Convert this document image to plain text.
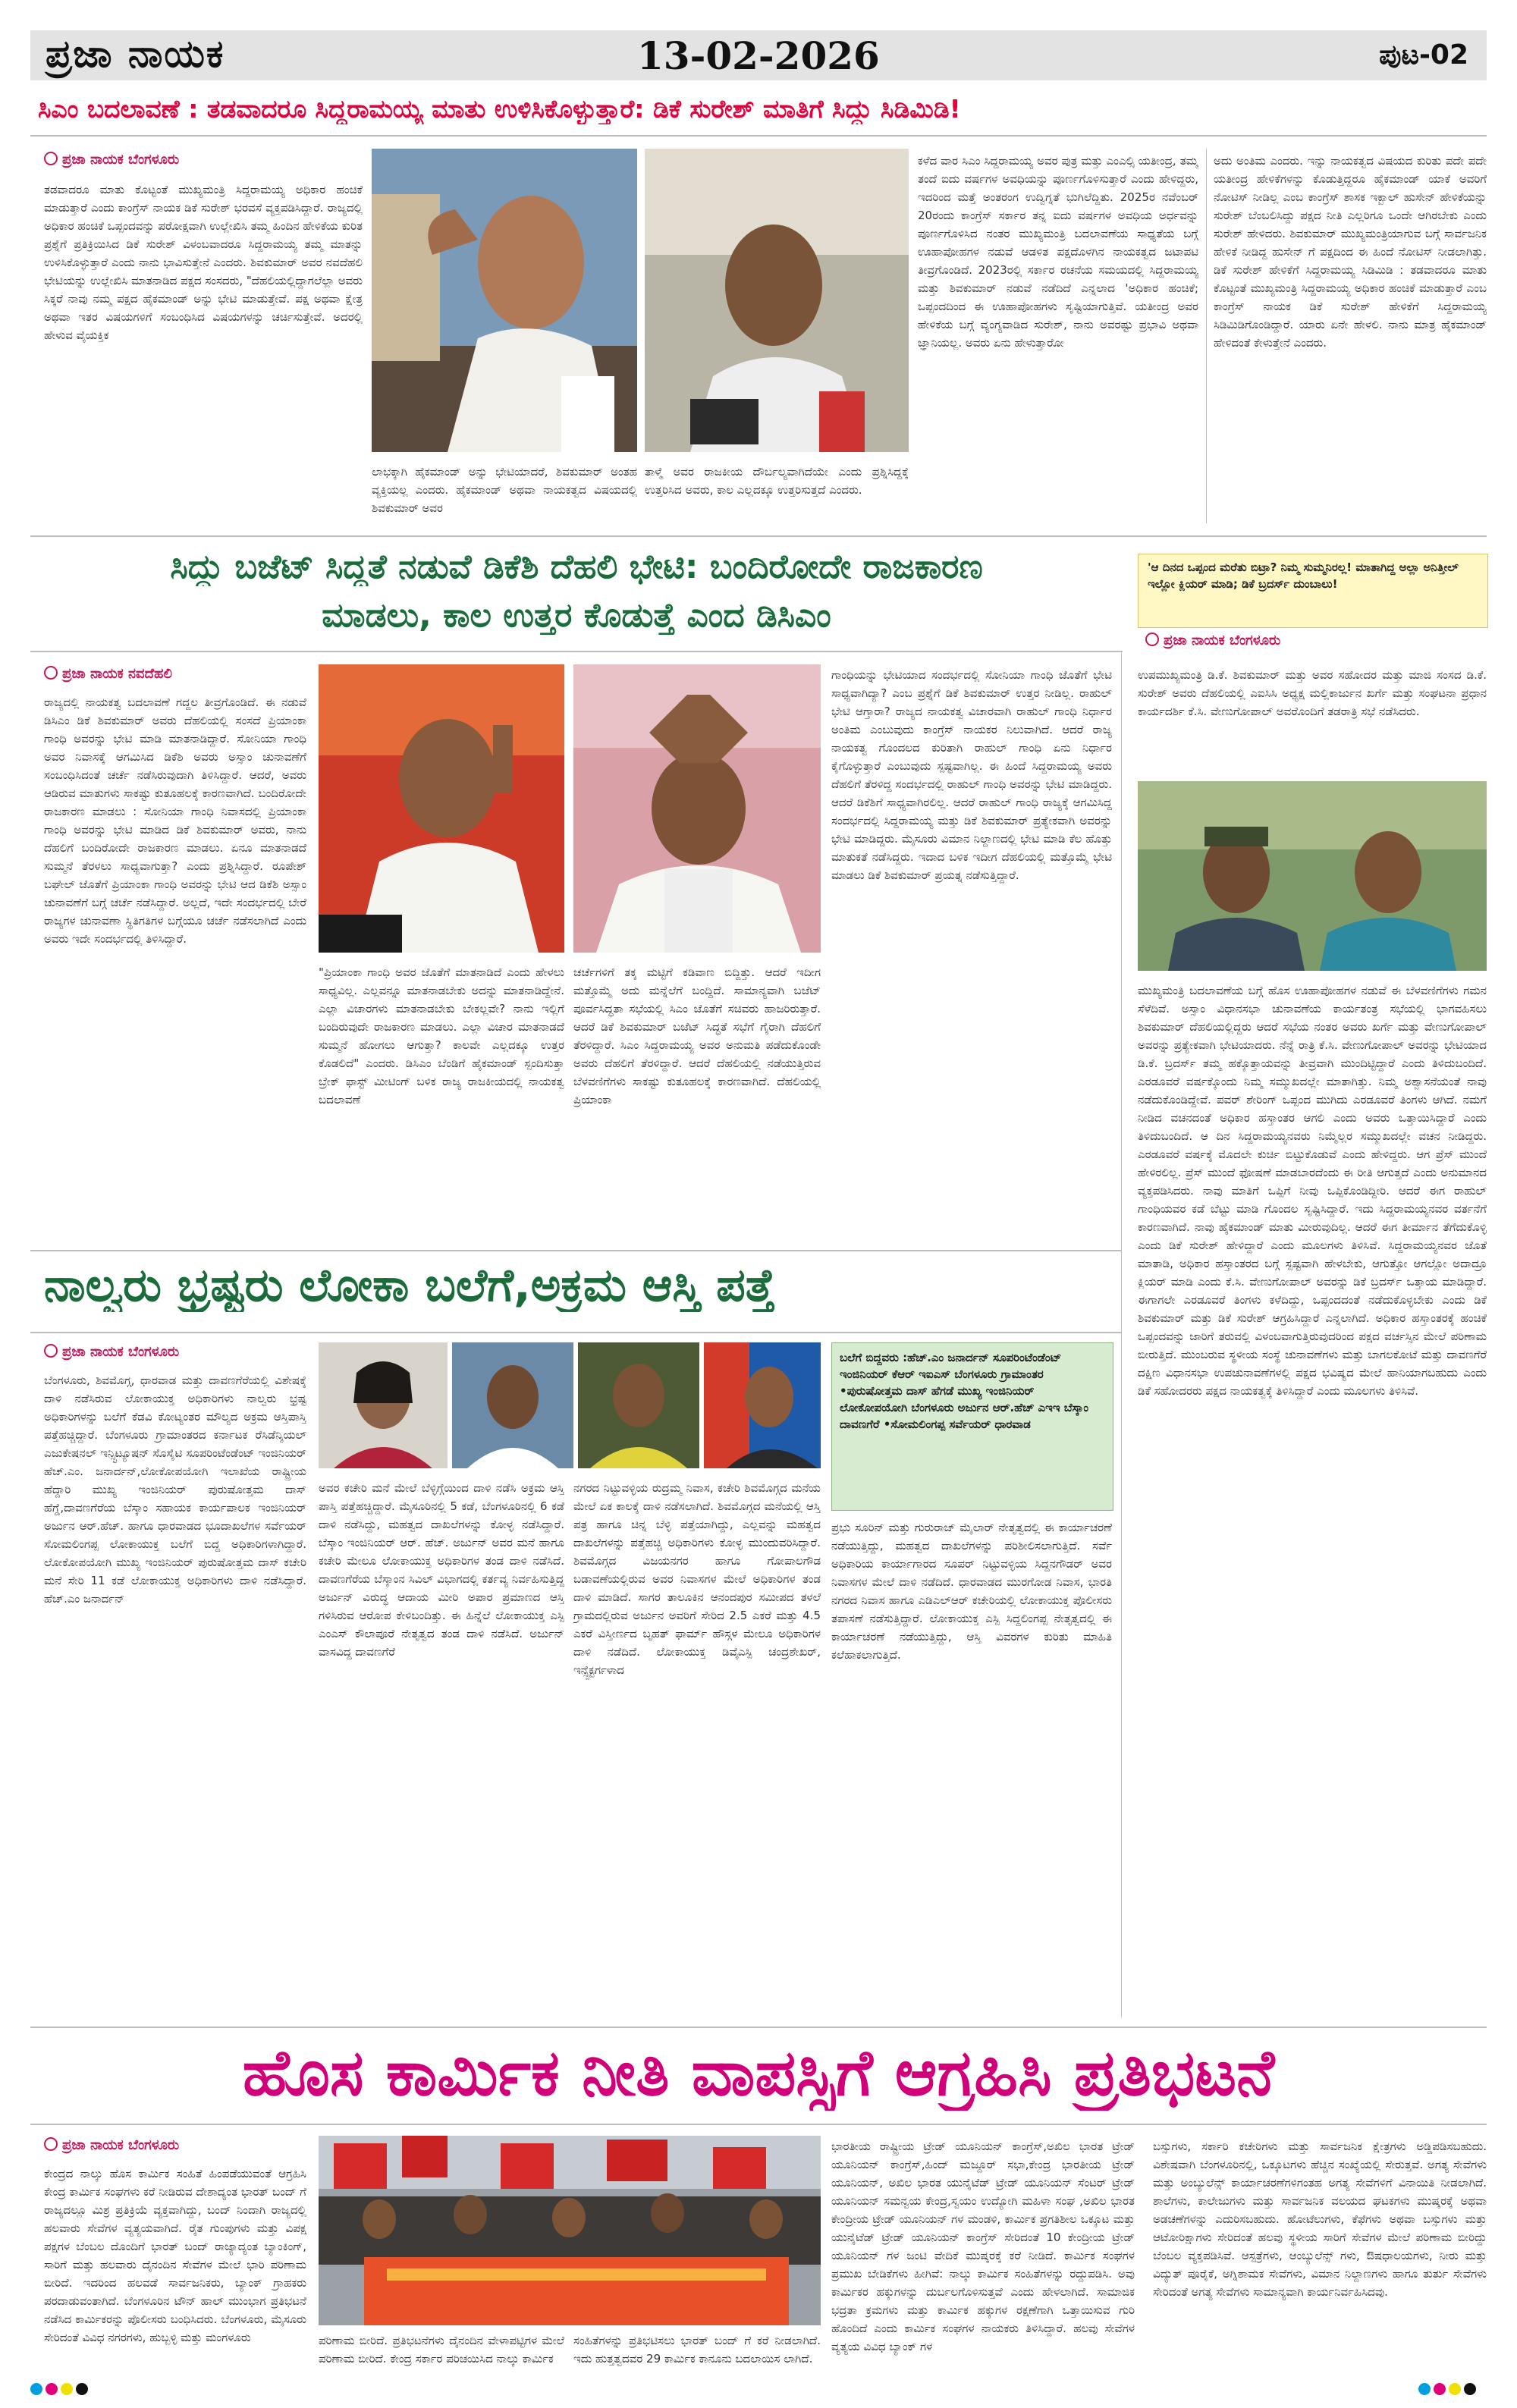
ಪ್ರಜಾ ನಾಯಕ	13-02-2026	ಪುಟ-02
ಸಿಎಂ ಬದಲಾವಣೆ : ತಡವಾದರೂ ಸಿದ್ದರಾಮಯ್ಯ ಮಾತು ಉಳಿಸಿಕೊಳ್ಳುತ್ತಾರೆ: ಡಿಕೆ ಸುರೇಶ್ ಮಾತಿಗೆ ಸಿದ್ದು ಸಿಡಿಮಿಡಿ!
ಪ್ರಜಾ ನಾಯಕ ಬೆಂಗಳೂರು
ತಡವಾದರೂ ಮಾತು ಕೊಟ್ಟಂತೆ ಮುಖ್ಯಮಂತ್ರಿ ಸಿದ್ದರಾಮಯ್ಯ ಅಧಿಕಾರ ಹಂಚಿಕೆ ಮಾಡುತ್ತಾರೆ ಎಂದು ಕಾಂಗ್ರೆಸ್ ನಾಯಕ ಡಿಕೆ ಸುರೇಶ್ ಭರವಸೆ ವ್ಯಕ್ತಪಡಿಸಿದ್ದಾರೆ. ರಾಜ್ಯದಲ್ಲಿ ಅಧಿಕಾರ ಹಂಚಿಕೆ ಒಪ್ಪಂದವನ್ನು ಪರೋಕ್ಷವಾಗಿ ಉಲ್ಲೇಖಿಸಿ ತಮ್ಮ ಹಿಂದಿನ ಹೇಳಿಕೆಯ ಕುರಿತ ಪ್ರಶ್ನೆಗೆ ಪ್ರತಿಕ್ರಿಯಿಸಿದ ಡಿಕೆ ಸುರೇಶ್ ವಿಳಂಬವಾದರೂ ಸಿದ್ದರಾಮಯ್ಯ ತಮ್ಮ ಮಾತನ್ನು ಉಳಿಸಿಕೊಳ್ಳುತ್ತಾರೆ ಎಂದು ನಾನು ಭಾವಿಸುತ್ತೇನೆ ಎಂದರು. ಶಿವಕುಮಾರ್ ಅವರ ನವದೆಹಲಿ ಭೇಟಿಯನ್ನು ಉಲ್ಲೇಖಿಸಿ ಮಾತನಾಡಿದ ಪಕ್ಷದ ಸಂಸದರು, "ದೆಹಲಿಯಲ್ಲಿದ್ದಾಗಲೆಲ್ಲಾ ಅವರು ಸಿಕ್ಕರೆ ನಾವು ನಮ್ಮ ಪಕ್ಷದ ಹೈಕಮಾಂಡ್ ಅನ್ನು ಭೇಟಿ ಮಾಡುತ್ತೇವೆ. ಪಕ್ಷ ಅಥವಾ ಕ್ಷೇತ್ರ ಅಥವಾ ಇತರ ವಿಷಯಗಳಿಗೆ ಸಂಬಂಧಿಸಿದ ವಿಷಯಗಳನ್ನು ಚರ್ಚಿಸುತ್ತೇವೆ. ಅದರಲ್ಲಿ ಹೇಳುವ ವೈಯಕ್ತಿಕ
ಲಾಭಕ್ಕಾಗಿ ಹೈಕಮಾಂಡ್ ಅನ್ನು ಭೇಟಿಯಾದರೆ, ಶಿವಕುಮಾರ್ ಅಂತಹ ವ್ಯಕ್ತಿಯಲ್ಲ ಎಂದರು. ಹೈಕಮಾಂಡ್ ಅಥವಾ ನಾಯಕತ್ವದ ವಿಷಯದಲ್ಲಿ ಶಿವಕುಮಾರ್ ಅವರ
ತಾಳ್ಮೆ ಅವರ ರಾಜಕೀಯ ದೌರ್ಬಲ್ಯವಾಗಿದೆಯೇ ಎಂದು ಪ್ರಶ್ನಿಸಿದ್ದಕ್ಕೆ ಉತ್ತರಿಸಿದ ಅವರು, ಕಾಲ ಎಲ್ಲದಕ್ಕೂ ಉತ್ತರಿಸುತ್ತದೆ ಎಂದರು.
ಕಳೆದ ವಾರ ಸಿಎಂ ಸಿದ್ದರಾಮಯ್ಯ ಅವರ ಪುತ್ರ ಮತ್ತು ಎಂಎಲ್ಸಿ ಯತೀಂದ್ರ, ತಮ್ಮ ತಂದೆ ಐದು ವರ್ಷಗಳ ಅವಧಿಯನ್ನು ಪೂರ್ಣಗೊಳಿಸುತ್ತಾರೆ ಎಂದು ಹೇಳಿದ್ದರು, ಇದರಿಂದ ಮತ್ತೆ ಅಂತರಂಗ ಉದ್ವಿಗ್ನತೆ ಭುಗಿಲೆದ್ದಿತು. 2025ರ ನವೆಂಬರ್ 20ರಂದು ಕಾಂಗ್ರೆಸ್ ಸರ್ಕಾರ ತನ್ನ ಐದು ವರ್ಷಗಳ ಅವಧಿಯ ಅರ್ಧವನ್ನು ಪೂರ್ಣಗೊಳಿಸಿದ ನಂತರ ಮುಖ್ಯಮಂತ್ರಿ ಬದಲಾವಣೆಯ ಸಾಧ್ಯತೆಯ ಬಗ್ಗೆ ಊಹಾಪೋಹಗಳ ನಡುವೆ ಆಡಳಿತ ಪಕ್ಷದೊಳಗಿನ ನಾಯಕತ್ವದ ಜಟಾಪಟಿ ತೀವ್ರಗೊಂಡಿದೆ. 2023ರಲ್ಲಿ ಸರ್ಕಾರ ರಚನೆಯ ಸಮಯದಲ್ಲಿ ಸಿದ್ದರಾಮಯ್ಯ ಮತ್ತು ಶಿವಕುಮಾರ್ ನಡುವೆ ನಡೆದಿದೆ ಎನ್ನಲಾದ 'ಅಧಿಕಾರ ಹಂಚಿಕೆ; ಒಪ್ಪಂದದಿಂದ ಈ ಊಹಾಪೋಹಗಳು ಸೃಷ್ಟಿಯಾಗುತ್ತಿವೆ. ಯತೀಂದ್ರ ಅವರ ಹೇಳಿಕೆಯ ಬಗ್ಗೆ ವ್ಯಂಗ್ಯವಾಡಿದ ಸುರೇಶ್, ನಾನು ಅವರಷ್ಟು ಪ್ರಭಾವಿ ಅಥವಾ ಜ್ಞಾನಿಯಲ್ಲ. ಅವರು ಏನು ಹೇಳುತ್ತಾರೋ
ಅದು ಅಂತಿಮ ಎಂದರು. ಇನ್ನು ನಾಯಕತ್ವದ ವಿಷಯದ ಕುರಿತು ಪದೇ ಪದೇ ಯತೀಂದ್ರ ಹೇಳಿಕೆಗಳನ್ನು ಕೊಡುತ್ತಿದ್ದರೂ ಹೈಕಮಾಂಡ್ ಯಾಕೆ ಅವರಿಗೆ ನೋಟಿಸ್ ನೀಡಿಲ್ಲ ಎಂಬ ಕಾಂಗ್ರೆಸ್ ಶಾಸಕ ಇಕ್ಬಾಲ್ ಹುಸೇನ್ ಹೇಳಿಕೆಯನ್ನು ಸುರೇಶ್ ಬೆಂಬಲಿಸಿದ್ದು ಪಕ್ಷದ ನೀತಿ ಎಲ್ಲರಿಗೂ ಒಂದೇ ಆಗಿರಬೇಕು ಎಂದು ಸುರೇಶ್ ಹೇಳಿದರು. ಶಿವಕುಮಾರ್ ಮುಖ್ಯಮಂತ್ರಿಯಾಗುವ ಬಗ್ಗೆ ಸಾರ್ವಜನಿಕ ಹೇಳಿಕೆ ನೀಡಿದ್ದ ಹುಸೇನ್ ಗೆ ಪಕ್ಷದಿಂದ ಈ ಹಿಂದೆ ನೋಟಿಸ್ ನೀಡಲಾಗಿತ್ತು. ಡಿಕೆ ಸುರೇಶ್ ಹೇಳಿಕೆಗೆ ಸಿದ್ದರಾಮಯ್ಯ ಸಿಡಿಮಿಡಿ : ತಡವಾದರೂ ಮಾತು ಕೊಟ್ಟಂತೆ ಮುಖ್ಯಮಂತ್ರಿ ಸಿದ್ದರಾಮಯ್ಯ ಅಧಿಕಾರ ಹಂಚಿಕೆ ಮಾಡುತ್ತಾರೆ ಎಂಬ ಕಾಂಗ್ರೆಸ್ ನಾಯಕ ಡಿಕೆ ಸುರೇಶ್ ಹೇಳಿಕೆಗೆ ಸಿದ್ದರಾಮಯ್ಯ ಸಿಡಿಮಿಡಿಗೊಂಡಿದ್ದಾರೆ. ಯಾರು ಏನೇ ಹೇಳಲಿ. ನಾನು ಮಾತ್ರ ಹೈಕಮಾಂಡ್ ಹೇಳಿದಂತೆ ಕೇಳುತ್ತೇನೆ ಎಂದರು.
ಸಿದ್ದು ಬಜೆಟ್ ಸಿದ್ದತೆ ನಡುವೆ ಡಿಕೆಶಿ ದೆಹಲಿ ಭೇಟಿ: ಬಂದಿರೋದೇ ರಾಜಕಾರಣ
ಮಾಡಲು, ಕಾಲ ಉತ್ತರ ಕೊಡುತ್ತೆ ಎಂದ ಡಿಸಿಎಂ
'ಆ ದಿನದ ಒಪ್ಪಂದ ಮರೆತು ಬಿಟ್ರಾ? ನಿಮ್ಮ ಸುಮ್ಮನಿರಲ್ಲ! ಮಾತಾಗಿದ್ದ ಅಲ್ಲಾ ಅನಿತ್ತೀಲ್ ಇಲ್ಲೋ ಕ್ಲಿಯರ್ ಮಾಡಿ; ಡಿಕೆ ಬ್ರದರ್ಸ್ ದುಂಬಾಲು!
ಪ್ರಜಾ ನಾಯಕ ಬೆಂಗಳೂರು
ಪ್ರಜಾ ನಾಯಕ ನವದೆಹಲಿ
ರಾಜ್ಯದಲ್ಲಿ ನಾಯಕತ್ವ ಬದಲಾವಣೆ ಗದ್ದಲ ತೀವ್ರಗೊಂಡಿದೆ. ಈ ನಡುವೆ ಡಿಸಿಎಂ ಡಿಕೆ ಶಿವಕುಮಾರ್ ಅವರು ದೆಹಲಿಯಲ್ಲಿ ಸಂಸದೆ ಪ್ರಿಯಾಂಕಾ ಗಾಂಧಿ ಅವರನ್ನು ಭೇಟಿ ಮಾಡಿ ಮಾತನಾಡಿದ್ದಾರೆ. ಸೋನಿಯಾ ಗಾಂಧಿ ಅವರ ನಿವಾಸಕ್ಕೆ ಆಗಮಿಸಿದ ಡಿಕೆಶಿ ಅವರು ಅಸ್ಸಾಂ ಚುನಾವಣೆಗೆ ಸಂಬಂಧಿಸಿದಂತೆ ಚರ್ಚೆ ನಡೆಸಿರುವುದಾಗಿ ತಿಳಿಸಿದ್ದಾರೆ. ಆದರೆ, ಅವರು ಆಡಿರುವ ಮಾತುಗಳು ಸಾಕಷ್ಟು ಕುತೂಹಲಕ್ಕೆ ಕಾರಣವಾಗಿದೆ. ಬಂದಿರೋದೇ ರಾಜಕಾರಣ ಮಾಡಲು : ಸೋನಿಯಾ ಗಾಂಧಿ ನಿವಾಸದಲ್ಲಿ ಪ್ರಿಯಾಂಕಾ ಗಾಂಧಿ ಅವರನ್ನು ಭೇಟಿ ಮಾಡಿದ ಡಿಕೆ ಶಿವಕುಮಾರ್ ಅವರು, ನಾನು ದೆಹಲಿಗೆ ಬಂದಿರೋದೇ ರಾಜಕಾರಣ ಮಾಡಲು. ಏನೂ ಮಾತನಾಡದೆ ಸುಮ್ಮನೆ ತೆರಳಲು ಸಾಧ್ಯವಾಗುತ್ತಾ? ಎಂದು ಪ್ರಶ್ನಿಸಿದ್ದಾರೆ. ರೂಪೇಶ್ ಬಘೇಲ್ ಜೊತೆಗೆ ಪ್ರಿಯಾಂಕಾ ಗಾಂಧಿ ಅವರನ್ನು ಭೇಟಿ ಆದ ಡಿಕೆಶಿ ಅಸ್ಸಾಂ ಚುನಾವಣೆಗೆ ಬಗ್ಗೆ ಚರ್ಚೆ ನಡೆಸಿದ್ದಾರೆ. ಅಲ್ಲದೆ, ಇದೇ ಸಂದರ್ಭದಲ್ಲಿ ಬೇರೆ ರಾಜ್ಯಗಳ ಚುನಾವಣಾ ಸ್ಥಿತಿಗತಿಗಳ ಬಗ್ಗೆಯೂ ಚರ್ಚೆ ನಡೆಸಲಾಗಿದೆ ಎಂದು ಅವರು ಇದೇ ಸಂದರ್ಭದಲ್ಲಿ ತಿಳಿಸಿದ್ದಾರೆ.
"ಪ್ರಿಯಾಂಕಾ ಗಾಂಧಿ ಅವರ ಜೊತೆಗೆ ಮಾತನಾಡಿದೆ ಎಂದು ಹೇಳಲು ಸಾಧ್ಯವಿಲ್ಲ. ಎಲ್ಲವನ್ನೂ ಮಾತನಾಡಬೇಕು ಅದನ್ನು ಮಾತನಾಡಿದ್ದೇನೆ. ಎಲ್ಲಾ ವಿಚಾರಗಳು ಮಾತನಾಡಬೇಕು ಬೇಕಲ್ಲವೇ? ನಾನು ಇಲ್ಲಿಗೆ ಬಂದಿರುವುದೇ ರಾಜಕಾರಣ ಮಾಡಲು. ಎಲ್ಲಾ ವಿಚಾರ ಮಾತನಾಡದೆ ಸುಮ್ಮನೆ ಹೋಗಲು ಆಗುತ್ತಾ? ಕಾಲವೇ ಎಲ್ಲದಕ್ಕೂ ಉತ್ತರ ಕೊಡಲಿದೆ" ಎಂದರು. ಡಿಸಿಎಂ ಬೆಂಡಿಗೆ ಹೈಕಮಾಂಡ್ ಸ್ಪಂದಿಸುತ್ತಾ ಬ್ರೇಕ್ ಫಾಸ್ಟ್ ಮೀಟಿಂಗ್ ಬಳಿಕ ರಾಜ್ಯ ರಾಜಕೀಯದಲ್ಲಿ ನಾಯಕತ್ವ ಬದಲಾವಣೆ
ಚರ್ಚೆಗಳಿಗೆ ತಕ್ಕ ಮಟ್ಟಿಗೆ ಕಡಿವಾಣ ಬಿದ್ದಿತ್ತು. ಆದರೆ ಇದೀಗ ಮತ್ತೊಮ್ಮೆ ಅದು ಮನ್ನೆಲೆಗೆ ಬಂದ್ದಿದೆ. ಸಾಮಾನ್ಯವಾಗಿ ಬಜೆಟ್ ಪೂರ್ವಸಿದ್ಧತಾ ಸಭೆಯಲ್ಲಿ ಸಿಎಂ ಜೊತೆಗೆ ಸಚಿವರು ಹಾಜರಿರುತ್ತಾರೆ. ಆದರೆ ಡಿಕೆ ಶಿವಕುಮಾರ್ ಬಜೆಟ್ ಸಿದ್ಧತೆ ಸಭೆಗೆ ಗೈರಾಗಿ ದೆಹಲಿಗೆ ತೆರಳಿದ್ದಾರೆ. ಸಿಎಂ ಸಿದ್ದರಾಮಯ್ಯ ಅವರ ಅನುಮತಿ ಪಡೆದುಕೊಂಡೇ ಅವರು ದೆಹಲಿಗೆ ತೆರಳಿದ್ದಾರೆ. ಆದರೆ ದೆಹಲಿಯಲ್ಲಿ ನಡೆಯುತ್ತಿರುವ ಬೆಳವಣಿಗೆಗಳು ಸಾಕಷ್ಟು ಕುತೂಹಲಕ್ಕೆ ಕಾರಣವಾಗಿದೆ. ದೆಹಲಿಯಲ್ಲಿ ಪ್ರಿಯಾಂಕಾ
ಗಾಂಧಿಯನ್ನು ಭೇಟಿಯಾದ ಸಂದರ್ಭದಲ್ಲಿ ಸೋನಿಯಾ ಗಾಂಧಿ ಜೊತೆಗೆ ಭೇಟಿ ಸಾಧ್ಯವಾಗಿದ್ಯಾ? ಎಂಬ ಪ್ರಶ್ನೆಗೆ ಡಿಕೆ ಶಿವಕುಮಾರ್ ಉತ್ತರ ನೀಡಿಲ್ಲ. ರಾಹುಲ್ ಭೇಟಿ ಆಗ್ತಾರಾ? ರಾಜ್ಯದ ನಾಯಕತ್ವ ವಿಚಾರವಾಗಿ ರಾಹುಲ್ ಗಾಂಧಿ ನಿರ್ಧಾರ ಅಂತಿಮ ಎಂಬುವುದು ಕಾಂಗ್ರೆಸ್ ನಾಯಕರ ನಿಲುವಾಗಿದೆ. ಆದರೆ ರಾಜ್ಯ ನಾಯಕತ್ವ ಗೊಂದಲದ ಕುರಿತಾಗಿ ರಾಹುಲ್ ಗಾಂಧಿ ಏನು ನಿರ್ಧಾರ ಕೈಗೊಳ್ಳುತ್ತಾರೆ ಎಂಬುವುದು ಸ್ಪಷ್ಟವಾಗಿಲ್ಲ. ಈ ಹಿಂದೆ ಸಿದ್ದರಾಮಯ್ಯ ಅವರು ದೆಹಲಿಗೆ ತೆರಳಿದ್ದ ಸಂದರ್ಭದಲ್ಲಿ ರಾಹುಲ್ ಗಾಂಧಿ ಅವರನ್ನು ಭೇಟಿ ಮಾಡಿದ್ದರು. ಆದರೆ ಡಿಕೆಶಿಗೆ ಸಾಧ್ಯವಾಗಿರಲಿಲ್ಲ. ಆದರೆ ರಾಹುಲ್ ಗಾಂಧಿ ರಾಜ್ಯಕ್ಕೆ ಆಗಮಿಸಿದ್ದ ಸಂದರ್ಭದಲ್ಲಿ ಸಿದ್ದರಾಮಯ್ಯ ಮತ್ತು ಡಿಕೆ ಶಿವಕುಮಾರ್ ಪ್ರತ್ಯೇಕವಾಗಿ ಅವರನ್ನು ಭೇಟಿ ಮಾಡಿದ್ದರು. ಮೈಸೂರು ವಿಮಾನ ನಿಲ್ದಾಣದಲ್ಲಿ ಭೇಟಿ ಮಾಡಿ ಕೆಲ ಹೊತ್ತು ಮಾತುಕತೆ ನಡೆಸಿದ್ದರು. ಇದಾದ ಬಳಿಕ ಇದೀಗ ದೆಹಲಿಯಲ್ಲಿ ಮತ್ತೊಮ್ಮೆ ಭೇಟಿ ಮಾಡಲು ಡಿಕೆ ಶಿವಕುಮಾರ್ ಪ್ರಯತ್ನ ನಡೆಸುತ್ತಿದ್ದಾರೆ.
ಉಪಮುಖ್ಯಮಂತ್ರಿ ಡಿ.ಕೆ. ಶಿವಕುಮಾರ್ ಮತ್ತು ಅವರ ಸಹೋದರ ಮತ್ತು ಮಾಜಿ ಸಂಸದ ಡಿ.ಕೆ. ಸುರೇಶ್ ಅವರು ದೆಹಲಿಯಲ್ಲಿ ಎಐಸಿಸಿ ಅಧ್ಯಕ್ಷ ಮಲ್ಲಿಕಾರ್ಜುನ ಖರ್ಗೆ ಮತ್ತು ಸಂಘಟನಾ ಪ್ರಧಾನ ಕಾರ್ಯದರ್ಶಿ ಕೆ.ಸಿ. ವೇಣುಗೋಪಾಲ್ ಅವರೊಂದಿಗೆ ತಡರಾತ್ರಿ ಸಭೆ ನಡೆಸಿದರು.
ಮುಖ್ಯಮಂತ್ರಿ ಬದಲಾವಣೆಯ ಬಗ್ಗೆ ಹೊಸ ಊಹಾಪೋಹಗಳ ನಡುವೆ ಈ ಬೆಳವಣಿಗೆಗಳು ಗಮನ ಸೆಳೆದಿವೆ. ಅಸ್ಸಾಂ ವಿಧಾನಸಭಾ ಚುನಾವಣೆಯ ಕಾರ್ಯತಂತ್ರ ಸಭೆಯಲ್ಲಿ ಭಾಗವಹಿಸಲು ಶಿವಕುಮಾರ್ ದೆಹಲಿಯಲ್ಲಿದ್ದರು ಆದರೆ ಸಭೆಯ ನಂತರ ಅವರು ಖರ್ಗೆ ಮತ್ತು ವೇಣುಗೋಪಾಲ್ ಅವರನ್ನು ಪ್ರತ್ಯೇಕವಾಗಿ ಭೇಟಿಯಾದರು. ನೆನ್ನೆ ರಾತ್ರಿ ಕೆ.ಸಿ. ವೇಣುಗೋಪಾಲ್ ಅವರನ್ನು ಭೇಟಿಯಾದ ಡಿ.ಕೆ. ಬ್ರದರ್ಸ್ ತಮ್ಮ ಹಕ್ಕೊತ್ತಾಯವನ್ನು ತೀವ್ರವಾಗಿ ಮುಂದಿಟ್ಟಿದ್ದಾರೆ ಎಂದು ತಿಳಿದುಬಂದಿದೆ. ಎರಡೂವರೆ ವರ್ಷಕ್ಕೊಂದು ನಿಮ್ಮ ಸಮ್ಮುಖದಲ್ಲೇ ಮಾತಾಗಿತ್ತು. ನಿಮ್ಮ ಅಶ್ವಾಸನೆಯಂತೆ ನಾವು ನಡೆದುಕೊಂಡಿದ್ದೇವೆ. ಪವರ್ ಶೇರಿಂಗ್ ಒಪ್ಪಂದ ಮುಗಿದು ಎರಡೂವರೆ ತಿಂಗಳು ಆಗಿದೆ. ನಮಗೆ ನೀಡಿದ ವಚನದಂತೆ ಅಧಿಕಾರ ಹಸ್ತಾಂತರ ಆಗಲಿ ಎಂದು ಅವರು ಒತ್ತಾಯಿಸಿದ್ದಾರೆ ಎಂದು ತಿಳಿದುಬಂದಿದೆ. ಆ ದಿನ ಸಿದ್ದರಾಮಯ್ಯನವರು ನಿಮ್ಮೆಲ್ಲರ ಸಮ್ಮುಖದಲ್ಲೇ ವಚನ ನೀಡಿದ್ದರು. ಎರಡೂವರೆ ವರ್ಷಕ್ಕೆ ಮೊದಲೇ ಕುರ್ಚಿ ಬಿಟ್ಟುಕೊಡುವೆ ಎಂದು ಹೇಳಿದ್ದರು. ಆಗ ಪ್ರೆಸ್ ಮುಂದೆ ಹೇಳಿರಲಿಲ್ಲ. ಪ್ರೆಸ್ ಮುಂದೆ ಫೋಷಣೆ ಮಾಡಬಾರದೆಂದು ಈ ರೀತಿ ಆಗುತ್ತದೆ ಎಂದು ಅನುಮಾನದ ವ್ಯಕ್ತಪಡಿಸಿದರು. ನಾವು ಮಾತಿಗೆ ಒಪ್ಪಿಗೆ ನೀವು ಒಪ್ಪಿಕೊಂಡಿದ್ದೀರಿ. ಆದರೆ ಈಗ ರಾಹುಲ್ ಗಾಂಧಿಯವರ ಕಡೆ ಬೆಟ್ಟು ಮಾಡಿ ಗೊಂದಲ ಸೃಷ್ಟಿಸಿದ್ದಾರೆ. ಇದು ಸಿದ್ದರಾಮಯ್ಯನವರ ವರ್ತನೆಗೆ ಕಾರಣವಾಗಿದೆ. ನಾವು ಹೈಕಮಾಂಡ್ ಮಾತು ಮೀರುವುದಿಲ್ಲ. ಆದರೆ ಈಗ ತೀರ್ಮಾನ ತೆಗೆದುಕೊಳ್ಳಿ ಎಂದು ಡಿಕೆ ಸುರೇಶ್ ಹೇಳಿದ್ದಾರೆ ಎಂದು ಮೂಲಗಳು ತಿಳಿಸಿವೆ. ಸಿದ್ದರಾಮಯ್ಯನವರ ಜೊತೆ ಮಾತಾಡಿ, ಅಧಿಕಾರ ಹಸ್ತಾಂತರದ ಬಗ್ಗೆ ಸ್ಪಷ್ಟವಾಗಿ ಹೇಳಬೇಕು, ಆಗುತ್ತೋ ಆಗಲ್ಲೋ ಅದಾದ್ರೂ ಕ್ಲಿಯರ್ ಮಾಡಿ ಎಂದು ಕೆ.ಸಿ. ವೇಣುಗೋಪಾಲ್ ಅವರನ್ನು ಡಿಕೆ ಬ್ರದರ್ಸ್ ಒತ್ತಾಯ ಮಾಡಿದ್ದಾರೆ. ಈಗಾಗಲೇ ಎರಡೂವರೆ ತಿಂಗಳು ಕಳೆದಿದ್ದು, ಒಪ್ಪಂದದಂತೆ ನಡೆದುಕೊಳ್ಳಬೇಕು ಎಂದು ಡಿಕೆ ಶಿವಕುಮಾರ್ ಮತ್ತು ಡಿಕೆ ಸುರೇಶ್ ಆಗ್ರಹಿಸಿದ್ದಾರೆ ಎನ್ನಲಾಗಿದೆ. ಅಧಿಕಾರ ಹಸ್ತಾಂತರಕ್ಕೆ ಹಂಚಿಕೆ ಒಪ್ಪಂದವನ್ನು ಜಾರಿಗೆ ತರುವಲ್ಲಿ ವಿಳಂಬವಾಗುತ್ತಿರುವುದರಿಂದ ಪಕ್ಷದ ವರ್ಚಸ್ಸಿನ ಮೇಲೆ ಪರಿಣಾಮ ಬೀರುತ್ತಿದೆ. ಮುಂಬರುವ ಸ್ಥಳೀಯ ಸಂಸ್ಥೆ ಚುನಾವಣೆಗಳು ಮತ್ತು ಬಾಗಲಕೋಟೆ ಮತ್ತು ದಾವಣಗೆರೆ ದಕ್ಷಿಣ ವಿಧಾನಸಭಾ ಉಪಚುನಾವಣೆಗಳಲ್ಲಿ ಪಕ್ಷದ ಭವಿಷ್ಯದ ಮೇಲೆ ಹಾನಿಯಾಗಬಹುದು ಎಂದು ಡಿಕೆ ಸಹೋದರರು ಪಕ್ಷದ ನಾಯಕತ್ವಕ್ಕೆ ತಿಳಿಸಿದ್ದಾರೆ ಎಂದು ಮೂಲಗಳು ತಿಳಿಸಿವೆ.
ನಾಲ್ವರು ಭ್ರಷ್ಟರು ಲೋಕಾ ಬಲೆಗೆ,ಅಕ್ರಮ ಆಸ್ತಿ ಪತ್ತೆ
ಪ್ರಜಾ ನಾಯಕ ಬೆಂಗಳೂರು
ಬೆಂಗಳೂರು, ಶಿವಮೊಗ್ಗ, ಧಾರವಾಡ ಮತ್ತು ದಾವಣಗೆರೆಯಲ್ಲಿ ವಿಶೇಷಕ್ಕೆ ದಾಳಿ ನಡೆಸಿರುವ ಲೋಕಾಯುಕ್ತ ಅಧಿಕಾರಿಗಳು ನಾಲ್ವರು ಭ್ರಷ್ಟ ಅಧಿಕಾರಿಗಳನ್ನು ಬಲೆಗೆ ಕೆಡವಿ ಕೋಟ್ಯಂತರ ಮೌಲ್ಯದ ಅಕ್ರಮ ಆಸ್ತಿಪಾಸ್ತಿ ಪತ್ತೆಹಚ್ಚಿದ್ದಾರೆ. ಬೆಂಗಳೂರು ಗ್ರಾಮಾಂತರದ ಕರ್ನಾಟಕ ರೆಸಿಡೆನ್ಶಿಯಲ್ ಎಜುಕೇಷನಲ್ ಇನ್ಸ್ಟಿಟ್ಯೂಷನ್ ಸೊಸೈಟಿ ಸೂಪರಿಂಟೆಂಡೆಂಟ್ ಇಂಜಿನಿಯರ್ ಹೆಚ್.ಎಂ. ಜನಾರ್ದನ್,ಲೋಕೋಪಯೋಗಿ ಇಲಾಖೆಯ ರಾಷ್ಟ್ರೀಯ ಹೆದ್ದಾರಿ ಮುಖ್ಯ ಇಂಜಿನಿಯರ್ ಪುರುಷೋತ್ತಮ ದಾಸ್ ಹೆಗ್ಡೆ,ದಾವಣಗೆರೆಯ ಬೆಸ್ಕಾಂ ಸಹಾಯಕ ಕಾರ್ಯಪಾಲಕ ಇಂಜಿನಿಯರ್ ಅರ್ಜುನ ಆರ್.ಹೆಚ್. ಹಾಗೂ ಧಾರವಾಡದ ಭೂದಾಖಲೆಗಳ ಸರ್ವೆಯರ್ ಸೋಮಲಿಂಗಪ್ಪ ಲೋಕಾಯುಕ್ತ ಬಲೆಗೆ ಬಿದ್ದ ಅಧಿಕಾರಿಗಳಾಗಿದ್ದಾರೆ. ಲೋಕೋಪಯೋಗಿ ಮುಖ್ಯ ಇಂಜಿನಿಯರ್ ಪುರುಷೋತ್ತಮ ದಾಸ್ ಕಚೇರಿ ಮನೆ ಸೇರಿ 11 ಕಡೆ ಲೋಕಾಯುಕ್ತ ಅಧಿಕಾರಿಗಳು ದಾಳಿ ನಡೆಸಿದ್ದಾರೆ. ಹೆಚ್.ಎಂ ಜನಾರ್ದನ್
ಅವರ ಕಚೇರಿ ಮನೆ ಮೇಲೆ ಬೆಳ್ಳಿಗ್ಗೆಯಿಂದ ದಾಳಿ ನಡೆಸಿ ಅಕ್ರಮ ಆಸ್ತಿ ಪಾಸ್ತಿ ಪತ್ತೆಹಚ್ಚಿದ್ದಾರೆ. ಮೈಸೂರಿನಲ್ಲಿ 5 ಕಡೆ, ಬೆಂಗಳೂರಿನಲ್ಲಿ 6 ಕಡೆ ದಾಳಿ ನಡೆಸಿದ್ದು, ಮಹತ್ವದ ದಾಖಲೆಗಳನ್ನು ಕೋಳ್ಳ ನಡೆಸಿದ್ದಾರೆ. ಬೆಸ್ಕಾಂ ಇಂಜಿನಿಯರ್ ಆರ್. ಹೆಚ್. ಅರ್ಜುನ್ ಅವರ ಮನೆ ಹಾಗೂ ಕಚೇರಿ ಮೇಲೂ ಲೋಕಾಯುಕ್ತ ಅಧಿಕಾರಿಗಳ ತಂಡ ದಾಳಿ ನಡೆಸಿದೆ. ದಾವಣಗೆರೆಯ ಬೆಸ್ಕಾಂನ ಸಿವಿಲ್ ವಿಭಾಗದಲ್ಲಿ ಕರ್ತವ್ಯ ನಿರ್ವಹಿಸುತ್ತಿದ್ದ ಅರ್ಜುನ್ ವಿರುದ್ಧ ಆದಾಯ ಮೀರಿ ಅಪಾರ ಪ್ರಮಾಣದ ಆಸ್ತಿ ಗಳಿಸಿರುವ ಆರೋಪ ಕೇಳಿಬಂದಿತ್ತು. ಈ ಹಿನ್ನೆಲೆ ಲೋಕಾಯುಕ್ತ ಎಸ್ಪಿ ಎಂಎಸ್ ಕೌಲಾಪೂರೆ ನೇತೃತ್ವದ ತಂಡ ದಾಳಿ ನಡೆಸಿದೆ. ಅರ್ಜುನ್ ವಾಸವಿದ್ದ ದಾವಣಗೆರೆ
ನಗರದ ನಿಟ್ಟುವಳ್ಳಿಯ ರುದ್ರಮ್ಮ ನಿವಾಸ, ಕಚೇರಿ ಶಿವಮೊಗ್ಗದ ಮನೆಯ ಮೇಲೆ ಏಕ ಕಾಲಕ್ಕೆ ದಾಳಿ ನಡೆಸಲಾಗಿದೆ. ಶಿವಮೊಗ್ಗದ ಮನೆಯಲ್ಲಿ ಆಸ್ತಿ ಪತ್ರ ಹಾಗೂ ಚಿನ್ನ ಬೆಳ್ಳಿ ಪತ್ತೆಯಾಗಿದ್ದು, ಎಲ್ಲವನ್ನು ಮಹತ್ವದ ದಾಖಲೆಗಳನ್ನು ಪತ್ತೆಹಚ್ಚಿ ಅಧಿಕಾರಿಗಳು ಕೋಳ್ಳ ಮುಂದುವರಿಸಿದ್ದಾರೆ. ಶಿವಮೊಗ್ಗದ ವಿಜಯನಗರ ಹಾಗೂ ಗೋಪಾಲಗೌಡ ಬಡಾವಣೆಯಲ್ಲಿರುವ ಅವರ ನಿವಾಸಗಳ ಮೇಲೆ ಅಧಿಕಾರಿಗಳ ತಂಡ ದಾಳಿ ಮಾಡಿದೆ. ಸಾಗರ ತಾಲೂಕಿನ ಆನಂದಪುರ ಸಮೀಪದ ತಳಲೆ ಗ್ರಾಮದಲ್ಲಿರುವ ಅರ್ಜುನ ಅವರಿಗೆ ಸೇರಿದ 2.5 ಎಕರೆ ಮತ್ತು 4.5 ಎಕರೆ ವಿಸ್ತೀರ್ಣದ ಬೃಹತ್ ಫಾರ್ಮ್ ಹೌಸ್ಗಳ ಮೇಲೂ ಅಧಿಕಾರಿಗಳ ದಾಳಿ ನಡೆದಿದೆ. ಲೋಕಾಯುಕ್ತ ಡಿವೈಎಸ್ಪಿ ಚಂದ್ರಶೇಖರ್, ಇನ್ಸ್ಪೆಕ್ಟರ್ಗಳಾದ
ಬಲೆಗೆ ಬಿದ್ದವರು :ಹೆಚ್.ಎಂ ಜನಾರ್ದನ್ ಸೂಪರಿಂಟೆಂಡೆಂಟ್ ಇಂಜಿನಿಯರ್ ಕೆಆರ್ ಇಐಎಸ್ ಬೆಂಗಳೂರು ಗ್ರಾಮಾಂತರ •ಪುರುಷೋತ್ತಮ ದಾಸ್ ಹೆಗಡೆ ಮುಖ್ಯ ಇಂಜಿನಿಯರ್ ಲೋಕೋಪಯೋಗಿ ಬೆಂಗಳೂರು ಅರ್ಜುನ ಆರ್.ಹೆಚ್ ಎಇಇ ಬೆಸ್ಕಾಂ ದಾವಣಗೆರೆ •ಸೋಮಲಿಂಗಪ್ಪ ಸರ್ವೆಯರ್ ಧಾರವಾಡ
ಪ್ರಭು ಸೂರಿನ್ ಮತ್ತು ಗುರುರಾಜ್ ಮೈಲಾರ್ ನೇತೃತ್ವದಲ್ಲಿ ಈ ಕಾರ್ಯಾಚರಣೆ ನಡೆಯುತ್ತಿದ್ದು, ಮಹತ್ವದ ದಾಖಲೆಗಳನ್ನು ಪರಿಶೀಲಿಸಲಾಗುತ್ತಿದೆ. ಸರ್ವೆ ಅಧಿಕಾರಿಯ ಕಾರ್ಯಾಗಾರದ ಸೂಪರ್ ನಿಟ್ಟುವಳ್ಳಿಯ ಸಿದ್ದನಗೌಡರ್ ಅವರ ನಿವಾಸಗಳ ಮೇಲೆ ದಾಳಿ ನಡೆದಿದೆ. ಧಾರವಾಡದ ಮುರಗೋಡ ನಿವಾಸ, ಭಾರತಿ ನಗರದ ನಿವಾಸ ಹಾಗೂ ಎಡಿಎಲ್ಆರ್ ಕಚೇರಿಯಲ್ಲಿ ಲೋಕಾಯುಕ್ತ ಪೊಲೀಸರು ತಪಾಸಣೆ ನಡೆಸುತ್ತಿದ್ದಾರೆ. ಲೋಕಾಯುಕ್ತ ಎಸ್ಪಿ ಸಿದ್ದಲಿಂಗಪ್ಪ ನೇತೃತ್ವದಲ್ಲಿ ಈ ಕಾರ್ಯಾಚರಣೆ ನಡೆಯುತ್ತಿದ್ದು, ಆಸ್ತಿ ವಿವರಗಳ ಕುರಿತು ಮಾಹಿತಿ ಕಲೆಹಾಕಲಾಗುತ್ತಿದೆ.
ಹೊಸ ಕಾರ್ಮಿಕ ನೀತಿ ವಾಪಸ್ಸಿಗೆ ಆಗ್ರಹಿಸಿ ಪ್ರತಿಭಟನೆ
ಪ್ರಜಾ ನಾಯಕ ಬೆಂಗಳೂರು
ಕೇಂದ್ರದ ನಾಲ್ಕು ಹೊಸ ಕಾರ್ಮಿಕ ಸಂಹಿತೆ ಹಿಂಪಡೆಯುವಂತೆ ಆಗ್ರಹಿಸಿ ಕೇಂದ್ರ ಕಾರ್ಮಿಕ ಸಂಘಗಳು ಕರೆ ನೀಡಿರುವ ದೇಶಾದ್ಯಂತ ಭಾರತ್ ಬಂದ್ ಗೆ ರಾಜ್ಯದಲ್ಲೂ ಮಿಶ್ರ ಪ್ರತಿಕ್ರಿಯೆ ವ್ಯಕ್ತವಾಗಿದ್ದು, ಬಂದ್ ನಿಂದಾಗಿ ರಾಜ್ಯದಲ್ಲಿ ಹಲವಾರು ಸೇವೆಗಳ ವ್ಯತ್ಯಯವಾಗಿದೆ. ರೈತ ಗುಂಪುಗಳು ಮತ್ತು ವಿಪಕ್ಷ ಪಕ್ಷಗಳ ಬೆಂಬಲ ದೊಂದಿಗೆ ಭಾರತ್ ಬಂದ್ ರಾಜ್ಯಾದ್ಯಂತ ಬ್ಯಾಂಕಿಂಗ್, ಸಾರಿಗೆ ಮತ್ತು ಹಲವಾರು ದೈನಂದಿನ ಸೇವೆಗಳ ಮೇಲೆ ಭಾರಿ ಪರಿಣಾಮ ಬೀರಿದೆ. ಇದರಿಂದ ಹಲವಡೆ ಸಾರ್ವಜನಿಕರು, ಬ್ಯಾಂಕ್ ಗ್ರಾಹಕರು ಪರದಾಡುವಂತಾಗಿದೆ. ಬೆಂಗಳೂರಿನ ಟೌನ್ ಹಾಲ್ ಮುಂಭಾಗ ಪ್ರತಿಭಟನೆ ನಡೆಸಿದ ಕಾರ್ಮಿಕರನ್ನು ಪೊಲೀಸರು ಬಂಧಿಸಿದರು. ಬೆಂಗಳೂರು, ಮೈಸೂರು ಸೇರಿದಂತೆ ವಿವಿಧ ನಗರಗಳು, ಹುಬ್ಬಳ್ಳಿ ಮತ್ತು ಮಂಗಳೂರು	ಪರಿಣಾಮ ಬೀರಿದೆ. ಪ್ರತಿಭಟನೆಗಳು ದೈನಂದಿನ ವೇಳಾಪಟ್ಟಿಗಳ ಮೇಲೆ ಪರಿಣಾಮ ಬೀರಿದೆ. ಕೇಂದ್ರ ಸರ್ಕಾರ ಪರಿಚಯಿಸಿದ ನಾಲ್ಕು ಕಾರ್ಮಿಕ
ಸಂಹಿತೆಗಳನ್ನು ಪ್ರತಿಭಟಿಸಲು ಭಾರತ್ ಬಂದ್ ಗೆ ಕರೆ ನೀಡಲಾಗಿದೆ. ಇದು ಹುತ್ತತ್ವದವರ 29 ಕಾರ್ಮಿಕ ಕಾನೂನು ಬದಲಾಯಿಸ ಲಾಗಿದೆ.
ಭಾರತೀಯ ರಾಷ್ಟ್ರೀಯ ಟ್ರೇಡ್ ಯೂನಿಯನ್ ಕಾಂಗ್ರೆಸ್,ಅಖಿಲ ಭಾರತ ಟ್ರೇಡ್ ಯೂನಿಯನ್ ಕಾಂಗ್ರೆಸ್,ಹಿಂದ್ ಮಜ್ದೂರ್ ಸಭಾ,ಕೇಂದ್ರ ಭಾರತೀಯ ಟ್ರೇಡ್ ಯೂನಿಯನ್, ಅಖಿಲ ಭಾರತ ಯುನೈಟೆಡ್ ಟ್ರೇಡ್ ಯೂನಿಯನ್ ಸೆಂಟರ್ ಟ್ರೇಡ್ ಯೂನಿಯನ್ ಸಮನ್ವಯ ಕೇಂದ್ರ,ಸ್ವಯಂ ಉದ್ಯೋಗಿ ಮಹಿಳಾ ಸಂಘ ,ಅಖಿಲ ಭಾರತ ಕೇಂದ್ರೀಯ ಟ್ರೇಡ್ ಯೂನಿಯನ್ ಗಳ ಮಂಡಳಿ, ಕಾರ್ಮಿಕ ಪ್ರಗತಿಶೀಲ ಒಕ್ಕೂಟ ಮತ್ತು ಯುನೈಟೆಡ್ ಟ್ರೇಡ್ ಯೂನಿಯನ್ ಕಾಂಗ್ರೆಸ್ ಸೇರಿದಂತೆ 10 ಕೇಂದ್ರೀಯ ಟ್ರೇಡ್ ಯೂನಿಯನ್ ಗಳ ಜಂಟಿ ವೇದಿಕೆ ಮುಷ್ಕರಕ್ಕೆ ಕರೆ ನೀಡಿದೆ. ಕಾರ್ಮಿಕ ಸಂಘಗಳ ಪ್ರಮುಖ ಬೇಡಿಕೆಗಳು ಹೀಗಿವೆ: ನಾಲ್ಕು ಕಾರ್ಮಿಕ ಸಂಹಿತೆಗಳನ್ನು ರದ್ದುಪಡಿಸಿ. ಅವು ಕಾರ್ಮಿಕರ ಹಕ್ಕುಗಳನ್ನು ದುರ್ಬಲಗೊಳಿಸುತ್ತವೆ ಎಂದು ಹೇಳಲಾಗಿದೆ. ಸಾಮಾಜಿಕ ಭದ್ರತಾ ಕ್ರಮಗಳು ಮತ್ತು ಕಾರ್ಮಿಕ ಹಕ್ಕುಗಳ ರಕ್ಷಣೆಗಾಗಿ ಒತ್ತಾಯಿಸುವ ಗುರಿ ಹೊಂದಿದೆ ಎಂದು ಕಾರ್ಮಿಕ ಸಂಘಗಳ ನಾಯಕರು ತಿಳಿಸಿದ್ದಾರೆ. ಹಲವು ಸೇವೆಗಳ ವ್ಯತ್ಯಯ ವಿವಿಧ ಬ್ಯಾಂಕ್ ಗಳ
ಬಸ್ಸುಗಳು, ಸರ್ಕಾರಿ ಕಚೇರಿಗಳು ಮತ್ತು ಸಾರ್ವಜನಿಕ ಕ್ಷೇತ್ರಗಳು ಅಡ್ಡಿಪಡಿಸಬಹುದು. ವಿಶೇಷವಾಗಿ ಬೆಂಗಳೂರಿನಲ್ಲಿ, ಒಕ್ಕೂಟಗಳು ಹೆಚ್ಚಿನ ಸಂಖ್ಯೆಯಲ್ಲಿ ಸೇರುತ್ತವೆ. ಅಗತ್ಯ ಸೇವೆಗಳು ಮತ್ತು ಅಂಬ್ಯುಲೆನ್ಸ್ ಕಾರ್ಯಾಚರಣೆಗಳಿಗಂತಹ ಅಗತ್ಯ ಸೇವೆಗಳಿಗೆ ವಿನಾಯಿತಿ ನೀಡಲಾಗಿದೆ. ಶಾಲೆಗಳು, ಕಾಲೇಜುಗಳು ಮತ್ತು ಸಾರ್ವಜನಿಕ ವಲಯದ ಘಟಕಗಳು ಮುಷ್ಕರಕ್ಕೆ ಅಥವಾ ಅಡಚಣೆಗಳನ್ನು ಎದುರಿಸಬಹುದು. ಹೋಟೆಲುಗಳು, ಕೆಫೆಗಳು ಅಥವಾ ಬಸ್ಸುಗಳು ಮತ್ತು ಆಟೋರಿಕ್ಷಾಗಳು ಸೇರಿದಂತೆ ಹಲವು ಸ್ಥಳೀಯ ಸಾರಿಗೆ ಸೇವೆಗಳ ಮೇಲೆ ಪರಿಣಾಮ ಬೀರಿದ್ದು ಬೆಂಬಲ ವ್ಯಕ್ತಪಡಿಸಿವೆ. ಆಸ್ಪತ್ರೆಗಳು, ಆಂಬ್ಯುಲೆನ್ಸ್ ಗಳು, ಔಷಧಾಲಯಗಳು, ನೀರು ಮತ್ತು ವಿದ್ಯುತ್ ಪೂರೈಕೆ, ಅಗ್ನಿಶಾಮಕ ಸೇವೆಗಳು, ವಿಮಾನ ನಿಲ್ದಾಣಗಳು ಹಾಗೂ ತುರ್ತು ಸೇವೆಗಳು ಸೇರಿದಂತೆ ಅಗತ್ಯ ಸೇವೆಗಳು ಸಾಮಾನ್ಯವಾಗಿ ಕಾರ್ಯನಿರ್ವಹಿಸಿದವು.
